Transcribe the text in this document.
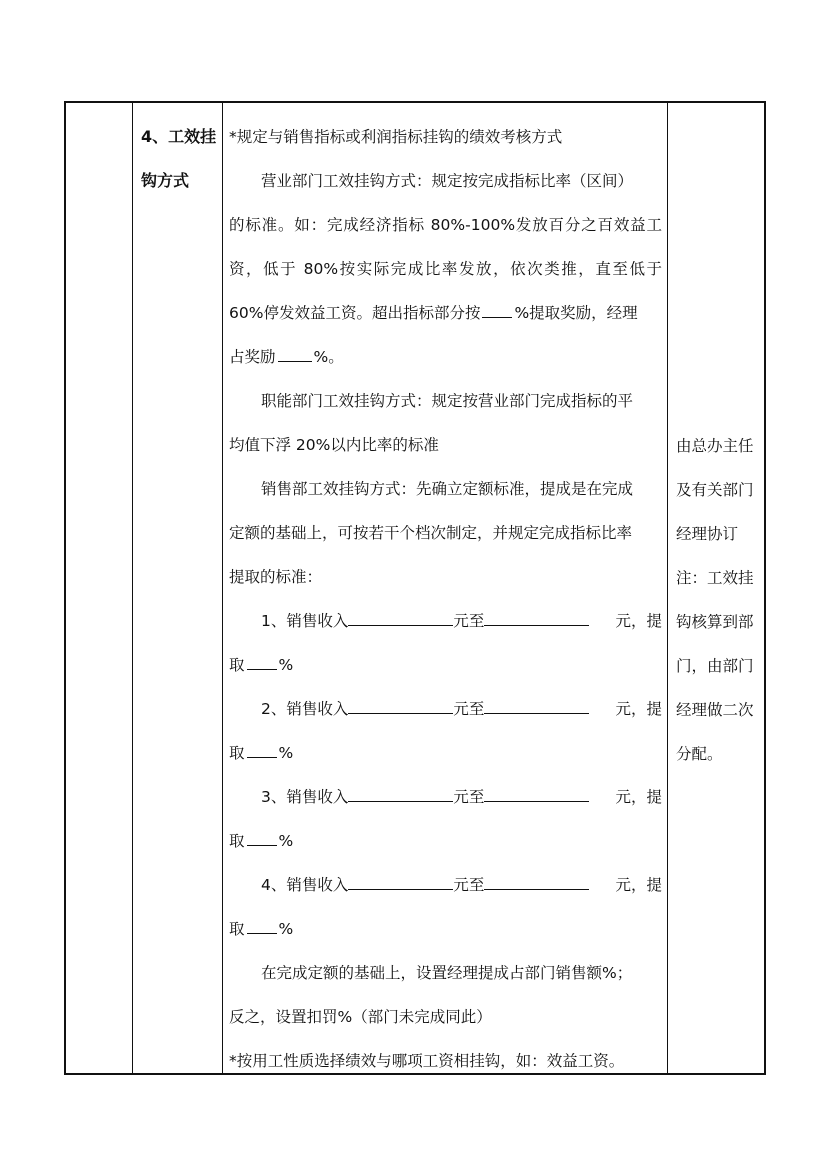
4、工效挂
钩方式
*规定与销售指标或利润指标挂钩的绩效考核方式
营业部门工效挂钩方式：规定按完成指标比率（区间）
的标准。如：完成经济指标 80%-100%发放百分之百效益工
资，低于 80%按实际完成比率发放，依次类推，直至低于
60%停发效益工资。超出指标部分按 %提取奖励，经理
占奖励 %。
职能部门工效挂钩方式：规定按营业部门完成指标的平
均值下浮 20%以内比率的标准
销售部工效挂钩方式：先确立定额标准，提成是在完成
定额的基础上，可按若干个档次制定，并规定完成指标比率
提取的标准：
1、销售收入	元至	元，提
取 %
2、销售收入	元至	元，提
取 %
3、销售收入	元至	元，提
取 %
4、销售收入	元至	元，提
取 %
在完成定额的基础上，设置经理提成占部门销售额%；
反之，设置扣罚%（部门未完成同此）
*按用工性质选择绩效与哪项工资相挂钩，如：效益工资。
由总办主任
及有关部门
经理协订
注：工效挂
钩核算到部
门，由部门
经理做二次
分配。
